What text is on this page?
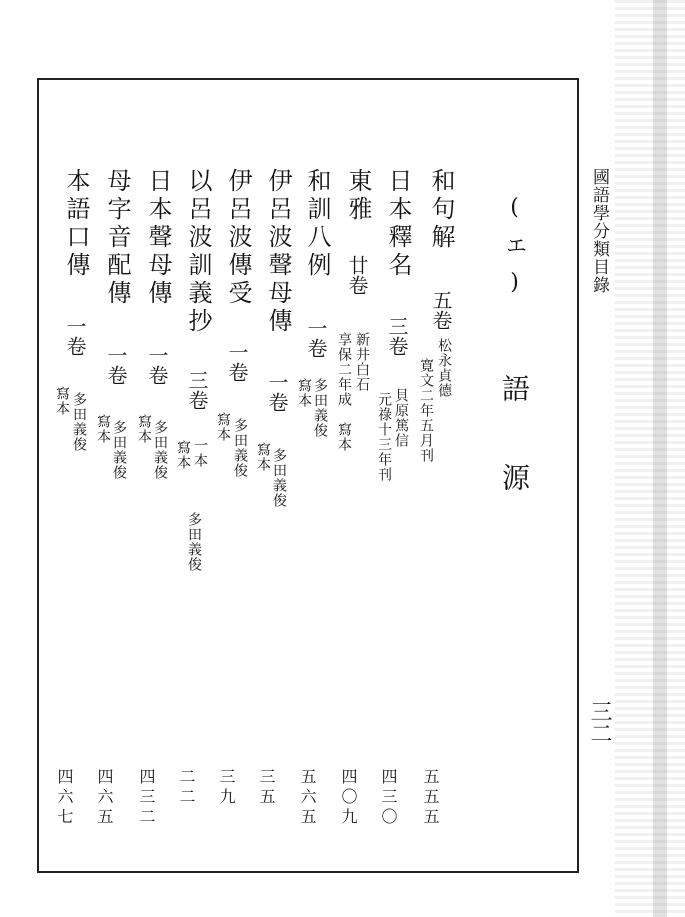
國語學分類目錄
三二
(エ) 語 源
和句解
五卷
松永貞德
寛文二年五月刊
五五五
日本釋名
三卷
貝原篤信
元祿十三年刊
四三〇
東雅
廿卷
新井白石
享保二年成　寫本
四〇九
和訓八例
一卷
多田義俊
寫本
五六五
伊呂波聲母傳
一卷
多田義俊
寫本
三五
伊呂波傳受
一卷
多田義俊
寫本
三九
以呂波訓義抄
三卷
一本
寫本
多田義俊
二二
日本聲母傳
一卷
多田義俊
寫本
四三二
母字音配傳
一卷
多田義俊
寫本
四六五
本語口傳
一卷
多田義俊
寫本
四六七
